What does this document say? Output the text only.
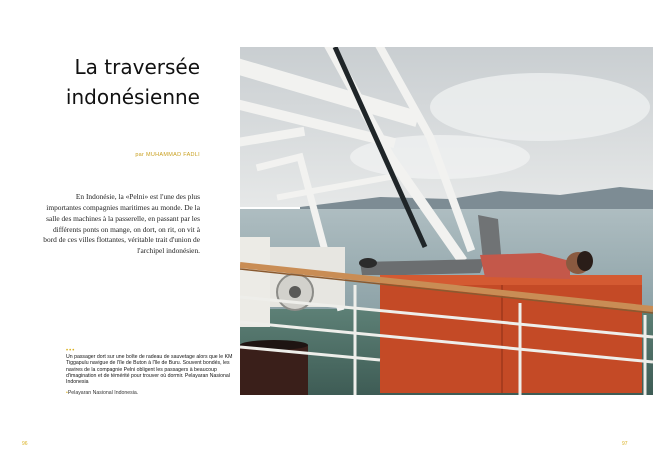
La traversée indonésienne
par MUHAMMAD FADLI

En Indonésie, la «Pelni» est l'une des plus importantes compagnies maritimes au monde. De la salle des machines à la passerelle, en passant par les différents ponts on mange, on dort, on rit, on vit à bord de ces villes flottantes, véritable trait d'union de l'archipel indonésien.

•••
Un passager dort sur une boîte de radeau de sauvetage alors que le KM Tiggapulu navigue de l'île de Buton à l'île de Buru. Souvent bondés, les navires de la compagnie Pelni obligent les passagers à beaucoup d'imagination et de témérité pour trouver où dormir. Pelayaran Nasional Indonesia
•Pelayaran Nasional Indonesia.
96	97
